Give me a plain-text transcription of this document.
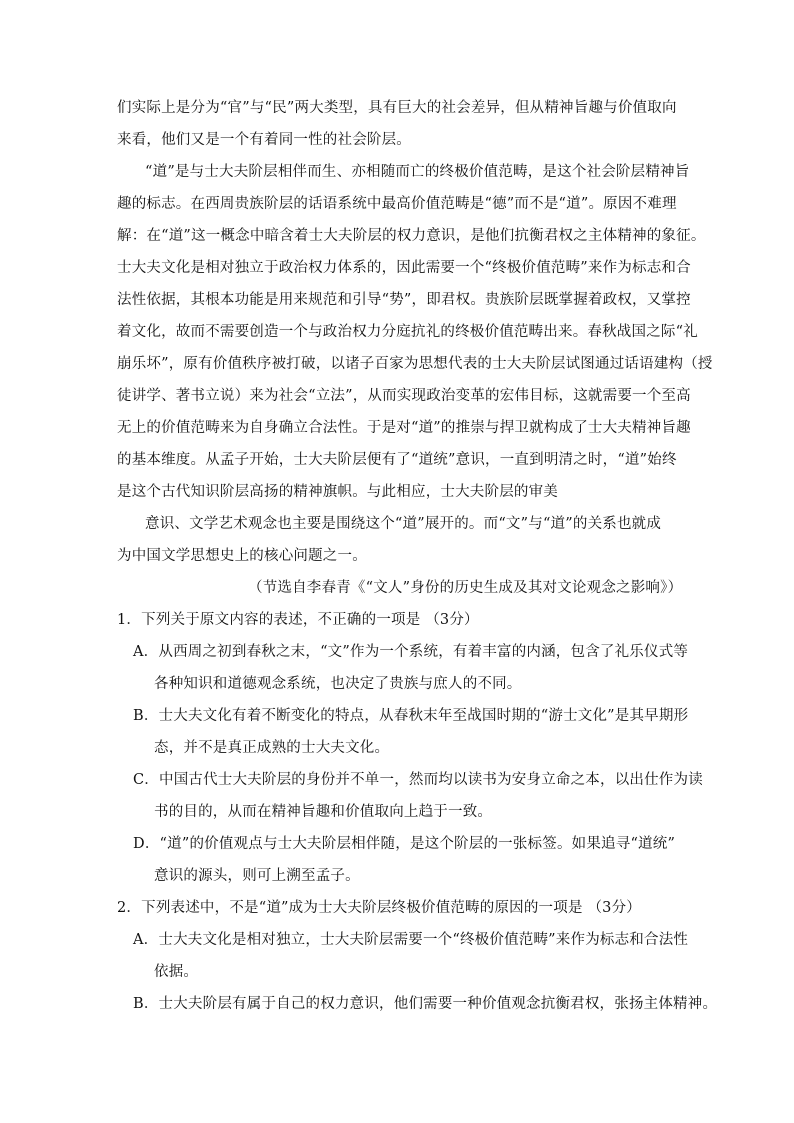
们实际上是分为“官”与“民”两大类型，具有巨大的社会差异，但从精神旨趣与价值取向
来看，他们又是一个有着同一性的社会阶层。
“道”是与士大夫阶层相伴而生、亦相随而亡的终极价值范畴，是这个社会阶层精神旨
趣的标志。在西周贵族阶层的话语系统中最高价值范畴是“德”而不是“道”。原因不难理
解：在“道”这一概念中暗含着士大夫阶层的权力意识，是他们抗衡君权之主体精神的象征。
士大夫文化是相对独立于政治权力体系的，因此需要一个“终极价值范畴”来作为标志和合
法性依据，其根本功能是用来规范和引导“势”，即君权。贵族阶层既掌握着政权，又掌控
着文化，故而不需要创造一个与政治权力分庭抗礼的终极价值范畴出来。春秋战国之际“礼
崩乐坏”，原有价值秩序被打破，以诸子百家为思想代表的士大夫阶层试图通过话语建构（授
徒讲学、著书立说）来为社会“立法”，从而实现政治变革的宏伟目标，这就需要一个至高
无上的价值范畴来为自身确立合法性。于是对“道”的推崇与捍卫就构成了士大夫精神旨趣
的基本维度。从孟子开始，士大夫阶层便有了“道统”意识，一直到明清之时，“道”始终
是这个古代知识阶层高扬的精神旗帜。与此相应，士大夫阶层的审美
意识、文学艺术观念也主要是围绕这个“道”展开的。而“文”与“道”的关系也就成
为中国文学思想史上的核心问题之一。
（节选自李春青《“文人”身份的历史生成及其对文论观念之影响》）
1．下列关于原文内容的表述，不正确的一项是 （3分）
A．从西周之初到春秋之末，“文”作为一个系统，有着丰富的内涵，包含了礼乐仪式等
各种知识和道德观念系统，也决定了贵族与庶人的不同。
B．士大夫文化有着不断变化的特点，从春秋末年至战国时期的“游士文化”是其早期形
态，并不是真正成熟的士大夫文化。
C．中国古代士大夫阶层的身份并不单一，然而均以读书为安身立命之本，以出仕作为读
书的目的，从而在精神旨趣和价值取向上趋于一致。
D．“道”的价值观点与士大夫阶层相伴随，是这个阶层的一张标签。如果追寻“道统”
意识的源头，则可上溯至孟子。
2．下列表述中，不是“道”成为士大夫阶层终极价值范畴的原因的一项是 （3分）
A．士大夫文化是相对独立，士大夫阶层需要一个“终极价值范畴”来作为标志和合法性
依据。
B．士大夫阶层有属于自己的权力意识，他们需要一种价值观念抗衡君权，张扬主体精神。
